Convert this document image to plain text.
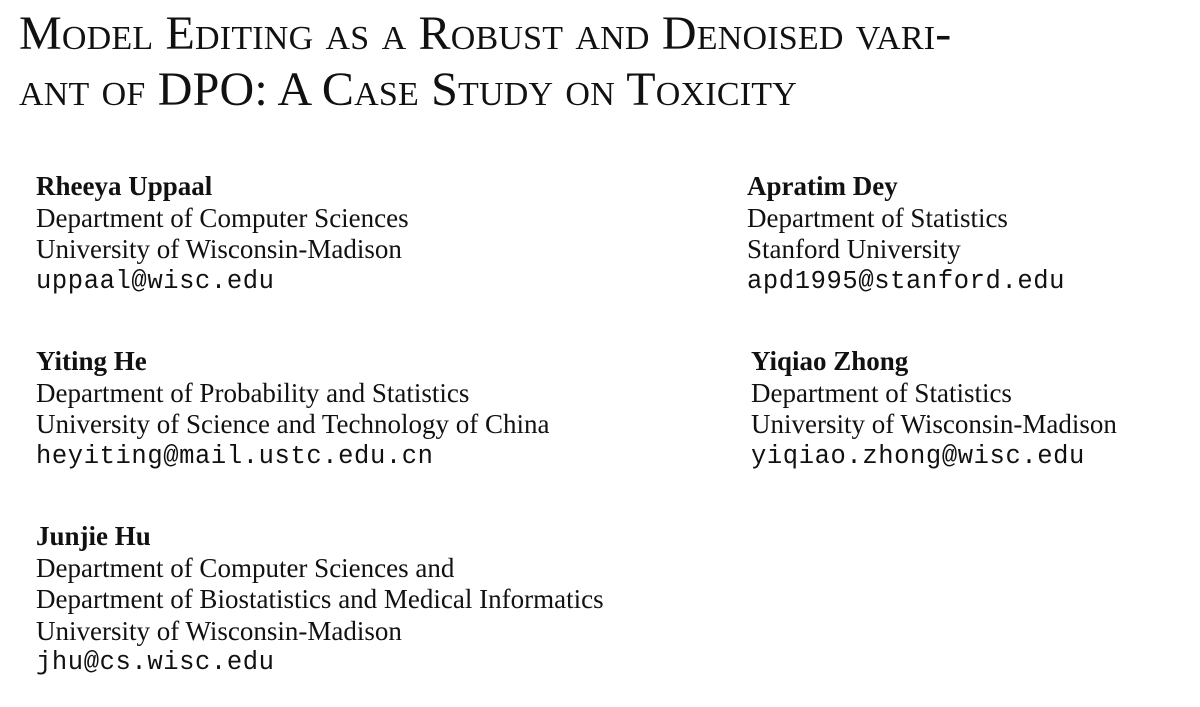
Model Editing as a Robust and Denoised vari-
ant of DPO: A Case Study on Toxicity
Rheeya Uppaal
Department of Computer Sciences
University of Wisconsin-Madison
uppaal@wisc.edu
Apratim Dey
Department of Statistics
Stanford University
apd1995@stanford.edu
Yiting He
Department of Probability and Statistics
University of Science and Technology of China
heyiting@mail.ustc.edu.cn
Yiqiao Zhong
Department of Statistics
University of Wisconsin-Madison
yiqiao.zhong@wisc.edu
Junjie Hu
Department of Computer Sciences and
Department of Biostatistics and Medical Informatics
University of Wisconsin-Madison
jhu@cs.wisc.edu
